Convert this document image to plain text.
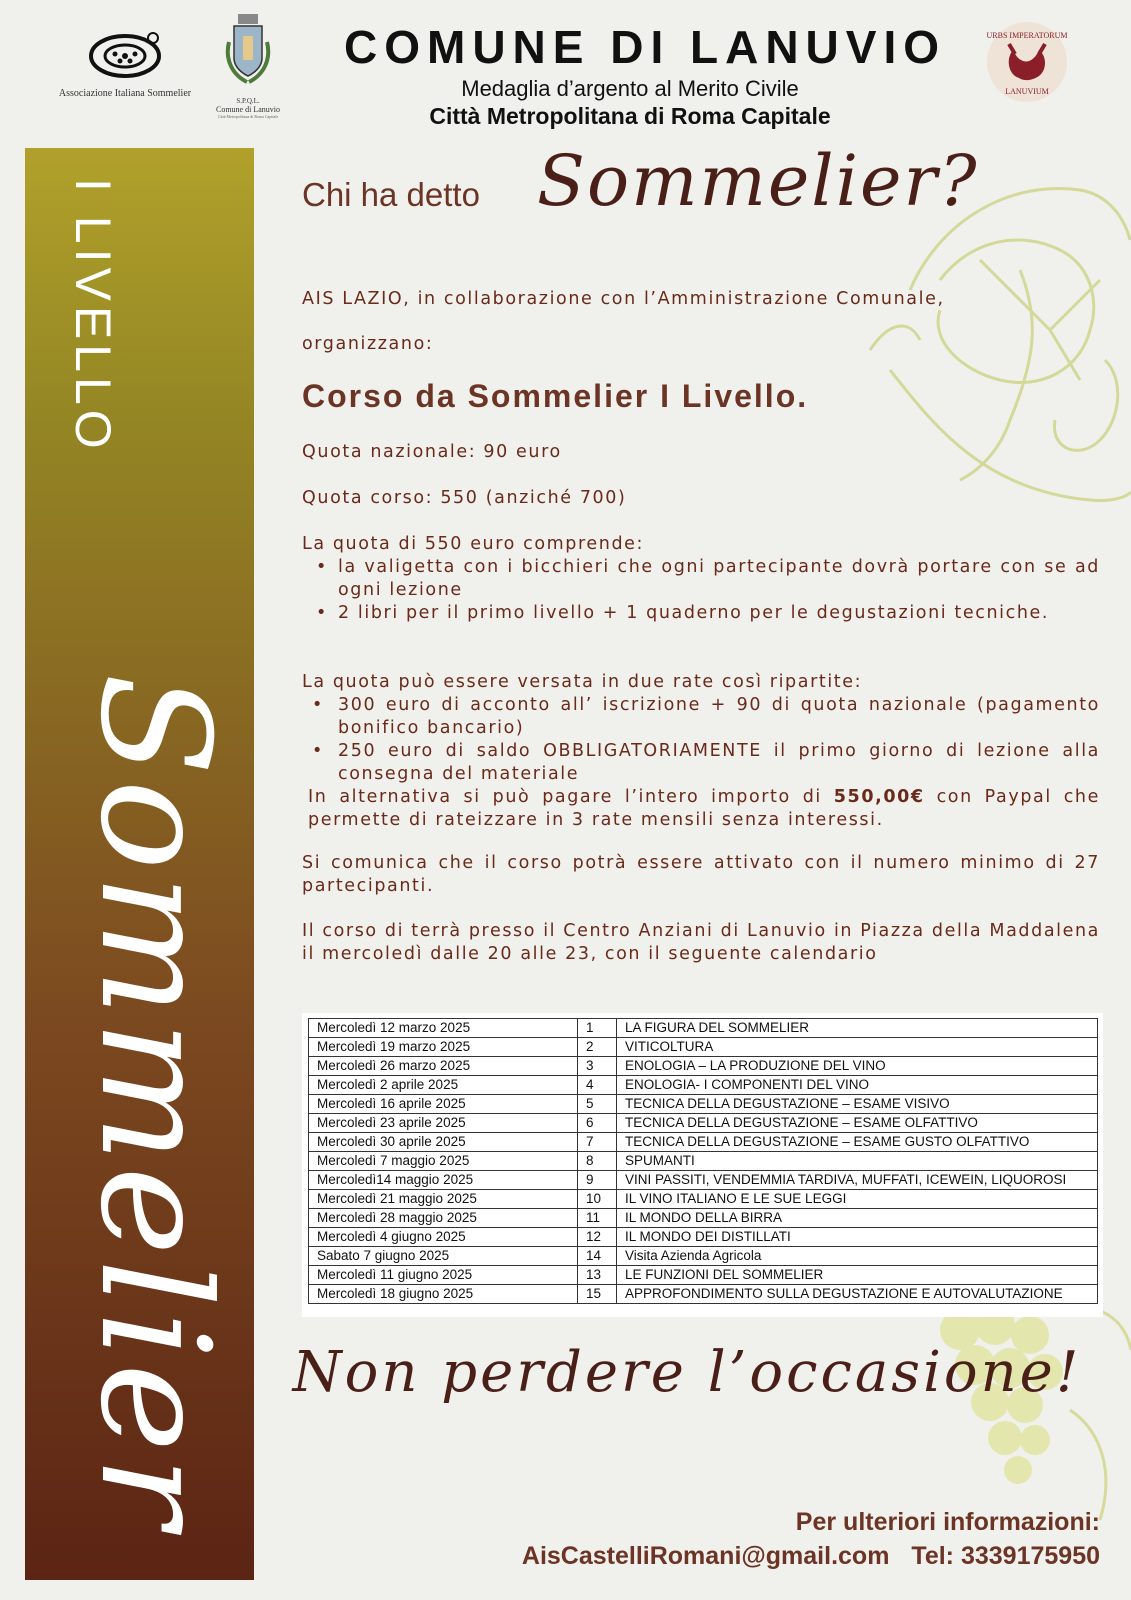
Associazione Italiana Sommelier
S.P.Q.L.
Comune di Lanuvio
Città Metropolitana di Roma Capitale
URBS IMPERATORUM
LANUVIUM
COMUNE DI LANUVIO
Medaglia d’argento al Merito Civile
Città Metropolitana di Roma Capitale
I LIVELLO
Sommelier
Chi ha detto Sommelier?
AIS LAZIO, in collaborazione con l’Amministrazione Comunale,
organizzano:
Corso da Sommelier I Livello.
Quota nazionale: 90 euro
Quota corso: 550 (anziché 700)
La quota di 550 euro comprende:
• la valigetta con i bicchieri che ogni partecipante dovrà portare con se ad ogni lezione
• 2 libri per il primo livello + 1 quaderno per le degustazioni tecniche.
La quota può essere versata in due rate così ripartite:
• 300 euro di acconto all’ iscrizione + 90 di quota nazionale (pagamento bonifico bancario)
• 250 euro di saldo OBBLIGATORIAMENTE il primo giorno di lezione alla consegna del materiale
In alternativa si può pagare l’intero importo di 550,00€ con Paypal che permette di rateizzare in 3 rate mensili senza interessi.
Si comunica che il corso potrà essere attivato con il numero minimo di 27 partecipanti.
Il corso di terrà presso il Centro Anziani di Lanuvio in Piazza della Maddalena il mercoledì dalle 20 alle 23, con il seguente calendario
Mercoledì 12 marzo 2025	1	LA FIGURA DEL SOMMELIER
Mercoledì 19 marzo 2025	2	VITICOLTURA
Mercoledì 26 marzo 2025	3	ENOLOGIA – LA PRODUZIONE DEL VINO
Mercoledì 2 aprile 2025	4	ENOLOGIA- I COMPONENTI DEL VINO
Mercoledì 16 aprile 2025	5	TECNICA DELLA DEGUSTAZIONE – ESAME VISIVO
Mercoledì 23 aprile 2025	6	TECNICA DELLA DEGUSTAZIONE – ESAME OLFATTIVO
Mercoledì 30 aprile 2025	7	TECNICA DELLA DEGUSTAZIONE – ESAME GUSTO OLFATTIVO
Mercoledì 7 maggio 2025	8	SPUMANTI
Mercoledì14 maggio 2025	9	VINI PASSITI, VENDEMMIA TARDIVA, MUFFATI, ICEWEIN, LIQUOROSI
Mercoledì 21 maggio 2025	10	IL VINO ITALIANO E LE SUE LEGGI
Mercoledì 28 maggio 2025	11	IL MONDO DELLA BIRRA
Mercoledì 4 giugno 2025	12	IL MONDO DEI DISTILLATI
Sabato 7 giugno 2025	14	Visita Azienda Agricola
Mercoledì 11 giugno 2025	13	LE FUNZIONI DEL SOMMELIER
Mercoledì 18 giugno 2025	15	APPROFONDIMENTO SULLA DEGUSTAZIONE E AUTOVALUTAZIONE
Non perdere l’occasione!
Per ulteriori informazioni:
AisCastelliRomani@gmail.com Tel: 3339175950
